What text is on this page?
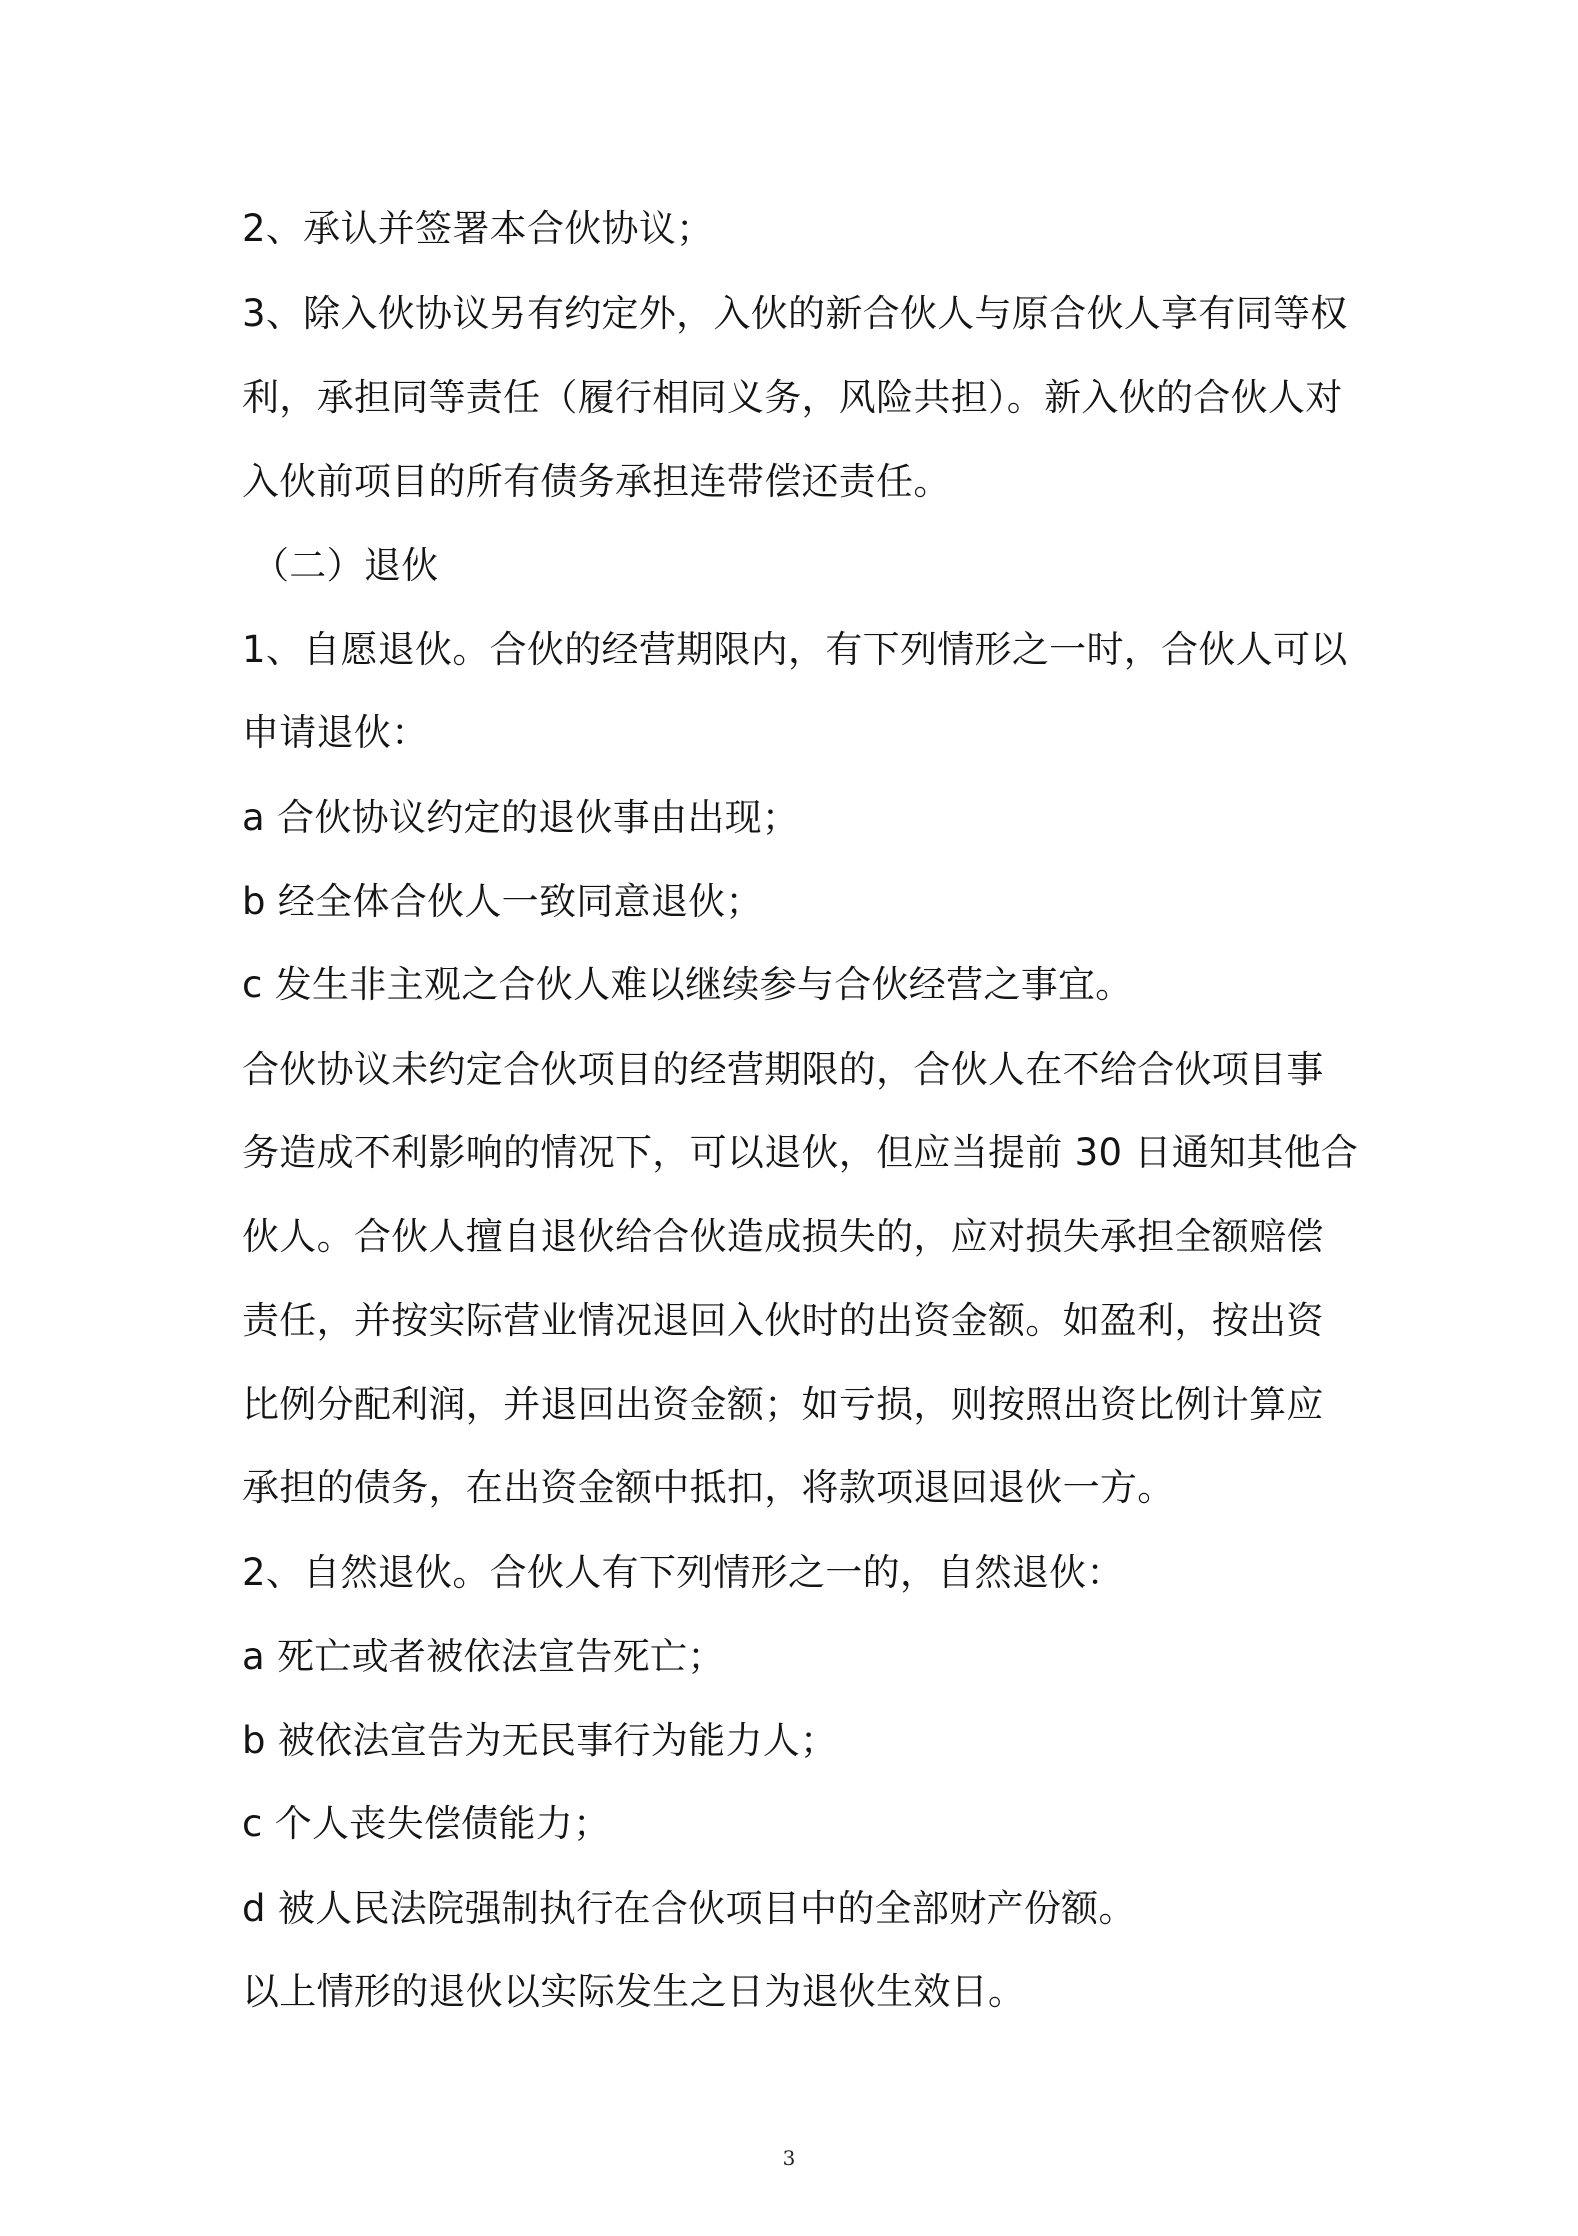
2、承认并签署本合伙协议；
3、除入伙协议另有约定外，入伙的新合伙人与原合伙人享有同等权
利，承担同等责任（履行相同义务，风险共担）。新入伙的合伙人对
入伙前项目的所有债务承担连带偿还责任。
（二）退伙
1、自愿退伙。合伙的经营期限内，有下列情形之一时，合伙人可以
申请退伙：
a 合伙协议约定的退伙事由出现；
b 经全体合伙人一致同意退伙；
c 发生非主观之合伙人难以继续参与合伙经营之事宜。
合伙协议未约定合伙项目的经营期限的，合伙人在不给合伙项目事
务造成不利影响的情况下，可以退伙，但应当提前 30 日通知其他合
伙人。合伙人擅自退伙给合伙造成损失的，应对损失承担全额赔偿
责任，并按实际营业情况退回入伙时的出资金额。如盈利，按出资
比例分配利润，并退回出资金额；如亏损，则按照出资比例计算应
承担的债务，在出资金额中抵扣，将款项退回退伙一方。
2、自然退伙。合伙人有下列情形之一的，自然退伙：
a 死亡或者被依法宣告死亡；
b 被依法宣告为无民事行为能力人；
c 个人丧失偿债能力；
d 被人民法院强制执行在合伙项目中的全部财产份额。
以上情形的退伙以实际发生之日为退伙生效日。
3
